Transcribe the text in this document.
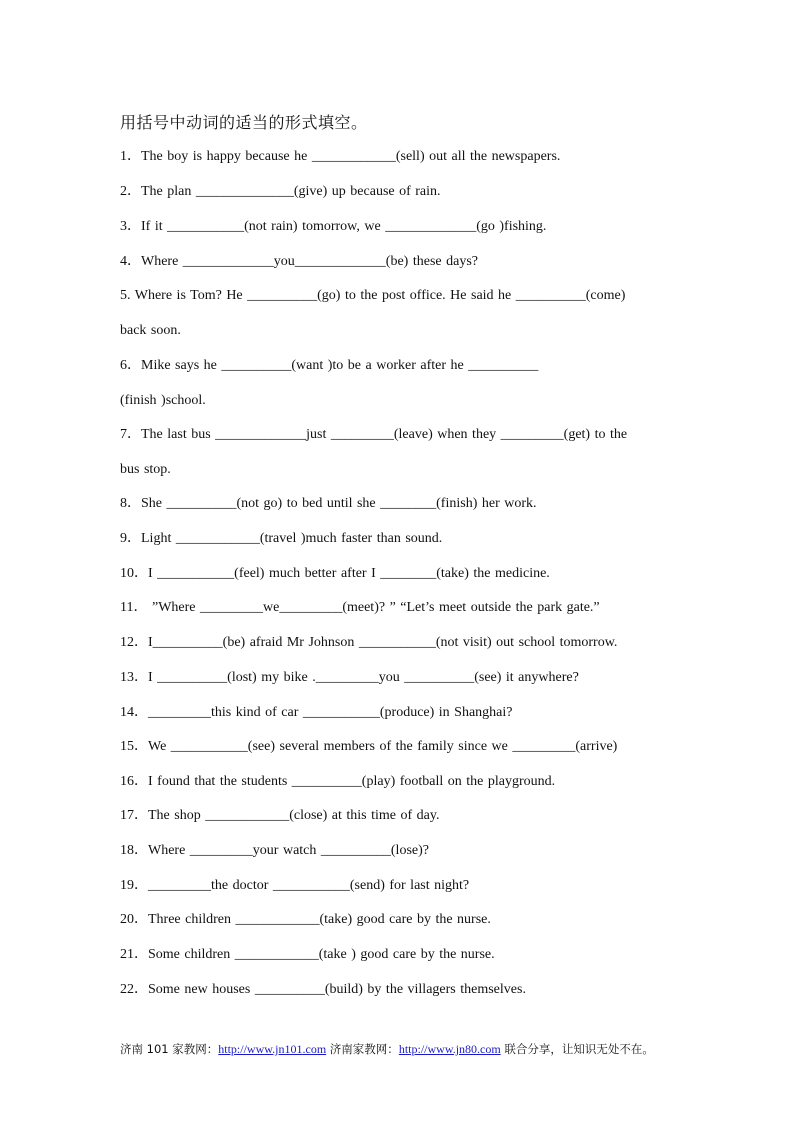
用括号中动词的适当的形式填空。
1．The boy is happy because he ____________(sell) out all the newspapers.
2．The plan ______________(give) up because of rain.
3．If it ___________(not rain) tomorrow, we _____________(go )fishing.
4．Where _____________you_____________(be) these days?
5. Where is Tom? He __________(go) to the post office. He said he __________(come)
back soon.
6．Mike says he __________(want )to be a worker after he __________
(finish )school.
7．The last bus _____________just _________(leave) when they _________(get) to the
bus stop.
8．She __________(not go) to bed until she ________(finish) her work.
9．Light ____________(travel )much faster than sound.
10．I ___________(feel) much better after I ________(take) the medicine.
11． ”Where _________we_________(meet)? ” “Let’s meet outside the park gate.”
12．I__________(be) afraid Mr Johnson ___________(not visit) out school tomorrow.
13．I __________(lost) my bike ._________you __________(see) it anywhere?
14．_________this kind of car ___________(produce) in Shanghai?
15．We ___________(see) several members of the family since we _________(arrive)
16．I found that the students __________(play) football on the playground.
17．The shop ____________(close) at this time of day.
18．Where _________your watch __________(lose)?
19．_________the doctor ___________(send) for last night?
20．Three children ____________(take) good care by the nurse.
21．Some children ____________(take ) good care by the nurse.
22．Some new houses __________(build) by the villagers themselves.
济南 101 家教网：http://www.jn101.com 济南家教网：http://www.jn80.com 联合分享，让知识无处不在。
